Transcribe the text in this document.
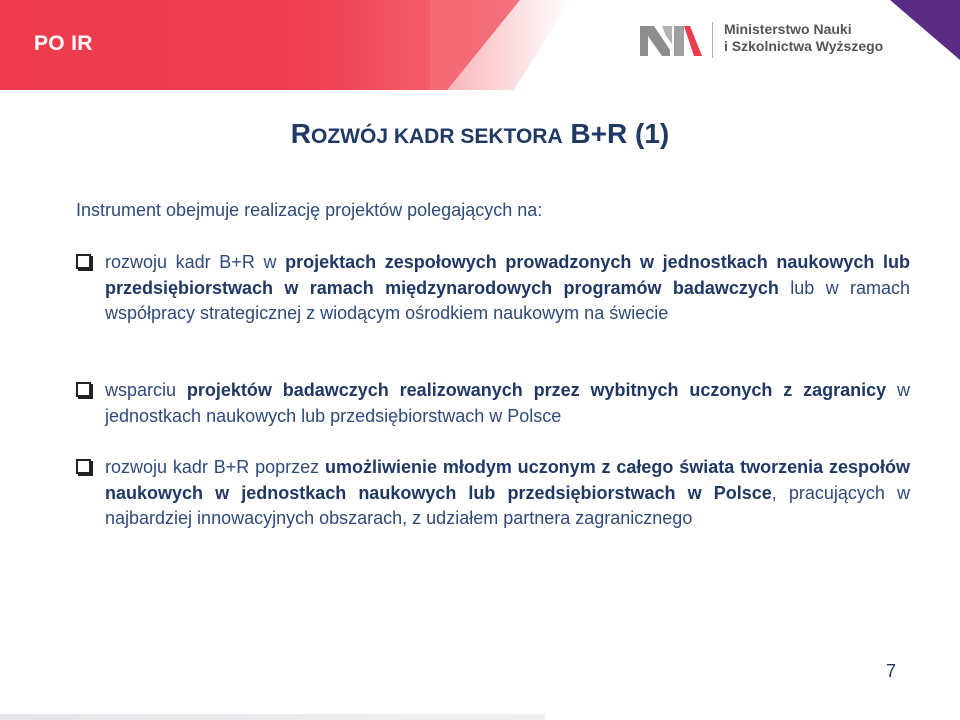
PO IR
Ministerstwo Nauki
i Szkolnictwa Wyższego
ROZWÓJ KADR SEKTORA B+R (1)

Instrument obejmuje realizację projektów polegających na:

rozwoju kadr B+R w projektach zespołowych prowadzonych w jednostkach naukowych lub przedsiębiorstwach w ramach międzynarodowych programów badawczych lub w ramach współpracy strategicznej z wiodącym ośrodkiem naukowym na świecie

wsparciu projektów badawczych realizowanych przez wybitnych uczonych z zagranicy w jednostkach naukowych lub przedsiębiorstwach w Polsce

rozwoju kadr B+R poprzez umożliwienie młodym uczonym z całego świata tworzenia zespołów naukowych w jednostkach naukowych lub przedsiębiorstwach w Polsce, pracujących w najbardziej innowacyjnych obszarach, z udziałem partnera zagranicznego

7
